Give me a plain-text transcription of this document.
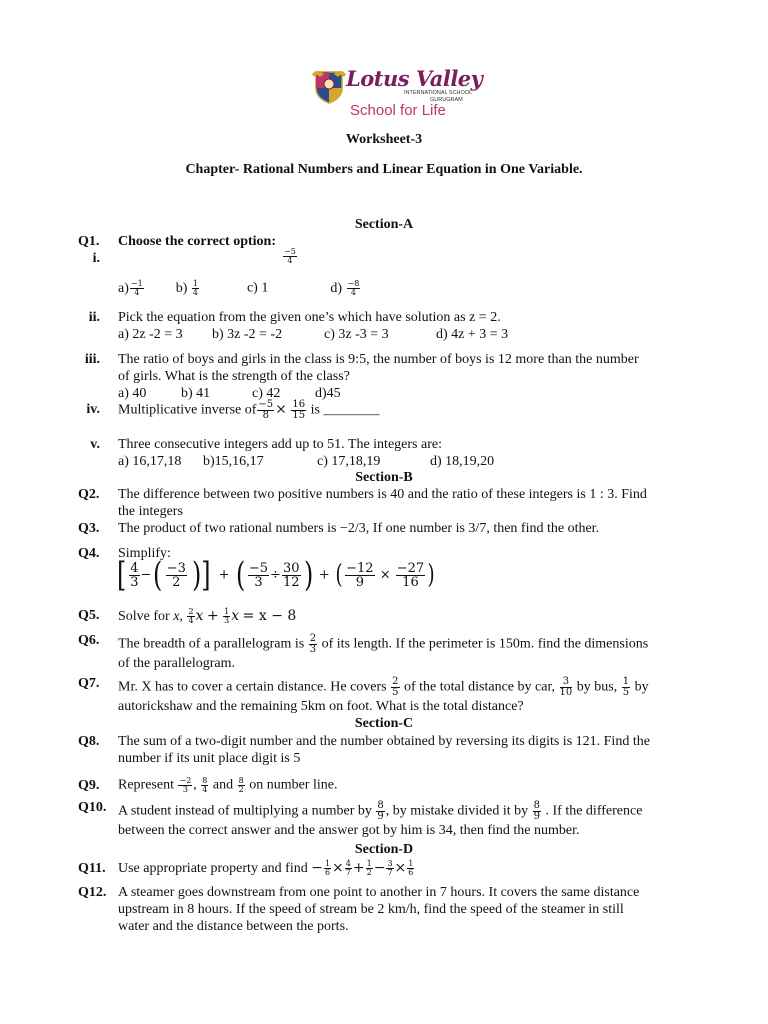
Lotus Valley
INTERNATIONAL SCHOOL
GURUGRAM
School for Life
Worksheet-3
Chapter- Rational Numbers and Linear Equation in One Variable.
Section-A
Q1. Choose the correct option:
i.	$\frac{-5}{4}$
$a) \frac{-1}{4} b) \frac{1}{4}$	c) 1	$d) \frac{-8}{4}$
ii. Pick the equation from the given one’s which have solution as z = 2.
a) 2z -2 = 3 b) 3z -2 = -2	c) 3z -3 = 3	d) 4z + 3 = 3
iii. The ratio of boys and girls in the class is 9:5, the number of boys is 12 more than the number
of girls. What is the strength of the class?
a) 40 b) 41	c) 42 d)45
iv. Multiplicative inverse of $\frac{-5}{8} \times \frac{16}{15}$ is ________
v. Three consecutive integers add up to 51. The integers are:
a) 16,17,18 b)15,16,17	c) 17,18,19	d) 18,19,20
Section-B
Q2. The difference between two positive numbers is 40 and the ratio of these integers is 1 : 3. Find
the integers
Q3. The product of two rational numbers is −2/3, If one number is 3/7, then find the other.
Q4. Simplify:
[ $\frac{4}{3}$ −( $\frac{-3}{2}$ )] + ( $\frac{-5}{3} \div \frac{30}{12}$ ) + ( $\frac{-12}{9} \times \frac{-27}{16}$ )
Q5. Solve for x, $\frac{2}{4}$ $x + \frac{1}{3}$ x = x − 8
Q6. The breadth of a parallelogram is $\frac{2}{3}$ of its length. If the perimeter is 150m. find the dimensions
of the parallelogram.
Q7. Mr. X has to cover a certain distance. He covers $\frac{2}{5}$ of the total distance by car, $\frac{3}{10}$ by bus, $\frac{1}{5}$ by
autorickshaw and the remaining 5km on foot. What is the total distance?
Section-C
Q8. The sum of a two-digit number and the number obtained by reversing its digits is 121. Find the
number if its unit place digit is 5
Q9. Represent $\frac{-2}{3}$ , $\frac{8}{4}$ and $\frac{8}{2}$ on number line.
Q10. A student instead of multiplying a number by $\frac{8}{9}$ , by mistake divided it by $\frac{8}{9}$ . If the difference
between the correct answer and the answer got by him is 34, then find the number.
Section-D
Q11. Use appropriate property and find − $\frac{1}{6} \times \frac{4}{7} + \frac{1}{2} - \frac{3}{7} \times \frac{1}{6}$
Q12. A steamer goes downstream from one point to another in 7 hours. It covers the same distance
upstream in 8 hours. If the speed of stream be 2 km/h, find the speed of the steamer in still
water and the distance between the ports.
